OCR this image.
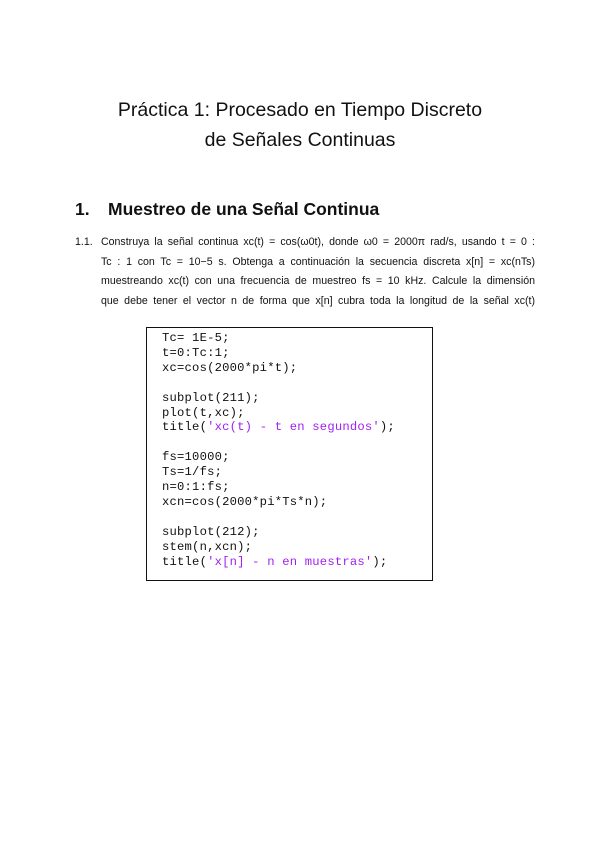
Práctica 1: Procesado en Tiempo Discreto
de Señales Continuas
1. Muestreo de una Señal Continua
1.1. Construya la señal continua xc(t) = cos(ω0t), donde ω0 = 2000π rad/s, usando t = 0 :
Tc : 1 con Tc = 10−5 s. Obtenga a continuación la secuencia discreta x[n] = xc(nTs)
muestreando xc(t) con una frecuencia de muestreo fs = 10 kHz. Calcule la dimensión
que debe tener el vector n de forma que x[n] cubra toda la longitud de la señal xc(t)
Tc= 1E-5;
t=0:Tc:1;
xc=cos(2000*pi*t);
subplot(211);
plot(t,xc);
title('xc(t) - t en segundos');
fs=10000;
Ts=1/fs;
n=0:1:fs;
xcn=cos(2000*pi*Ts*n);
subplot(212);
stem(n,xcn);
title('x[n] - n en muestras');
